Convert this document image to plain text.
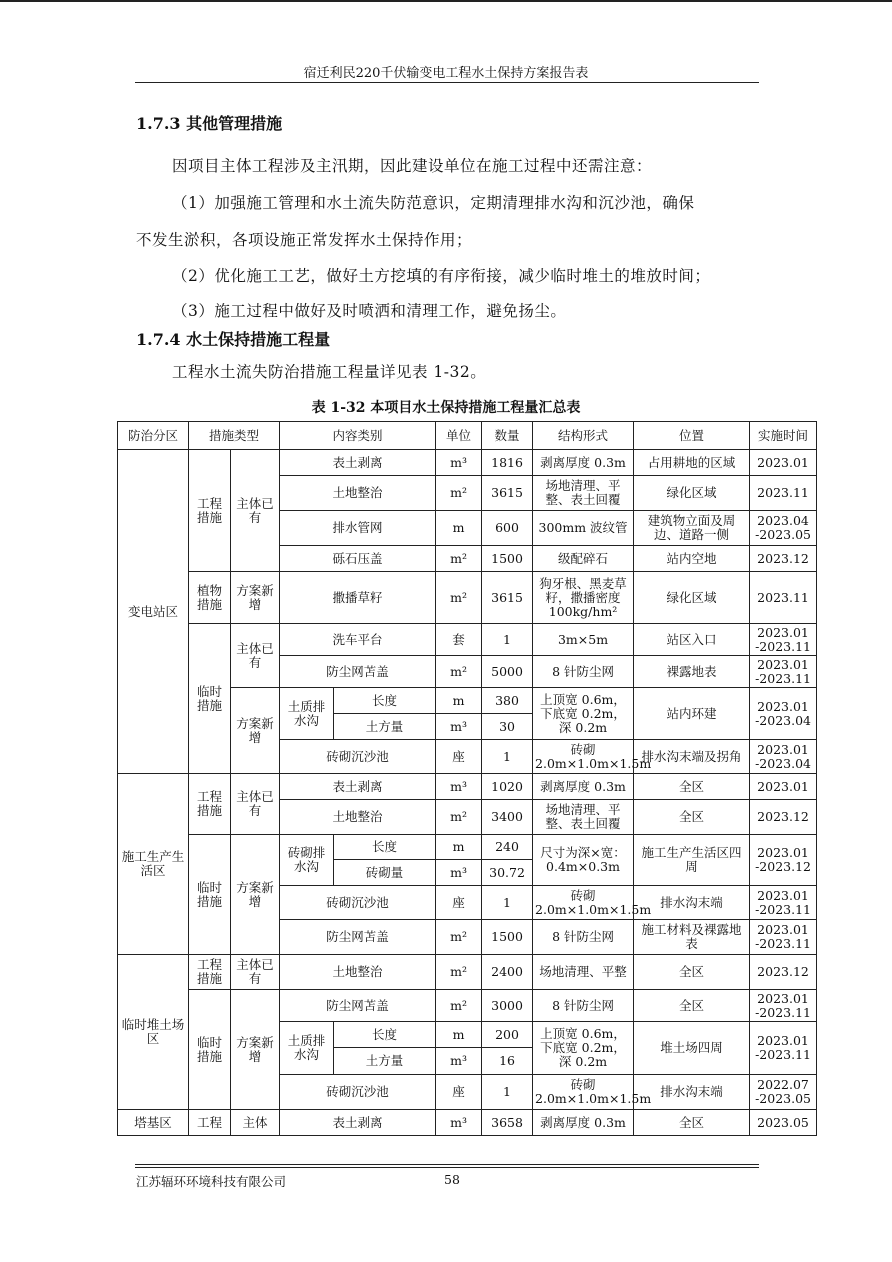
宿迁利民220千伏输变电工程水土保持方案报告表
1.7.3 其他管理措施

因项目主体工程涉及主汛期，因此建设单位在施工过程中还需注意：

（1）加强施工管理和水土流失防范意识，定期清理排水沟和沉沙池，确保

不发生淤积，各项设施正常发挥水土保持作用；

（2）优化施工工艺，做好土方挖填的有序衔接，减少临时堆土的堆放时间；

（3）施工过程中做好及时喷洒和清理工作，避免扬尘。

1.7.4 水土保持措施工程量

工程水土流失防治措施工程量详见表 1-32。

表 1-32 本项目水土保持措施工程量汇总表
防治分区	措施类型		内容类别		单位	数量	结构形式	位置	实施时间
变电站区	工程措施	主体已有	表土剥离		m³	1816	剥离厚度 0.3m	占用耕地的区域	2023.01
			土地整治		m²	3615	场地清理、平整、表土回覆	绿化区域	2023.11
			排水管网		m	600	300mm 波纹管	建筑物立面及周边、道路一侧	2023.04 -2023.05
			砾石压盖		m²	1500	级配碎石	站内空地	2023.12
	植物措施	方案新增	撒播草籽		m²	3615	狗牙根、黑麦草籽，撒播密度 100kg/hm²	绿化区域	2023.11
	临时措施	主体已有	洗车平台		套	1	3m×5m	站区入口	2023.01 -2023.11
			防尘网苫盖		m²	5000	8 针防尘网	裸露地表	2023.01 -2023.11
		方案新增	土质排水沟	长度	m	380	上顶宽 0.6m，下底宽 0.2m，深 0.2m	站内环建	2023.01 -2023.04
				土方量	m³	30			
			砖砌沉沙池		座	1	砖砌 2.0m×1.0m×1.5m	排水沟末端及拐角	2023.01 -2023.04
施工生产生活区	工程措施	主体已有	表土剥离		m³	1020	剥离厚度 0.3m	全区	2023.01
			土地整治		m²	3400	场地清理、平整、表土回覆	全区	2023.12
	临时措施	方案新增	砖砌排水沟	长度	m	240	尺寸为深×宽：0.4m×0.3m	施工生产生活区四周	2023.01 -2023.12
				砖砌量	m³	30.72			
			砖砌沉沙池		座	1	砖砌 2.0m×1.0m×1.5m	排水沟末端	2023.01 -2023.11
			防尘网苫盖		m²	1500	8 针防尘网	施工材料及裸露地表	2023.01 -2023.11
临时堆土场区	工程措施	主体已有	土地整治		m²	2400	场地清理、平整	全区	2023.12
	临时措施	方案新增	防尘网苫盖		m²	3000	8 针防尘网	全区	2023.01 -2023.11
			土质排水沟	长度	m	200	上顶宽 0.6m，下底宽 0.2m，深 0.2m	堆土场四周	2023.01 -2023.11
				土方量	m³	16			
			砖砌沉沙池		座	1	砖砌 2.0m×1.0m×1.5m	排水沟末端	2022.07 -2023.05
塔基区	工程	主体	表土剥离		m³	3658	剥离厚度 0.3m	全区	2023.05
江苏辐环环境科技有限公司	58
